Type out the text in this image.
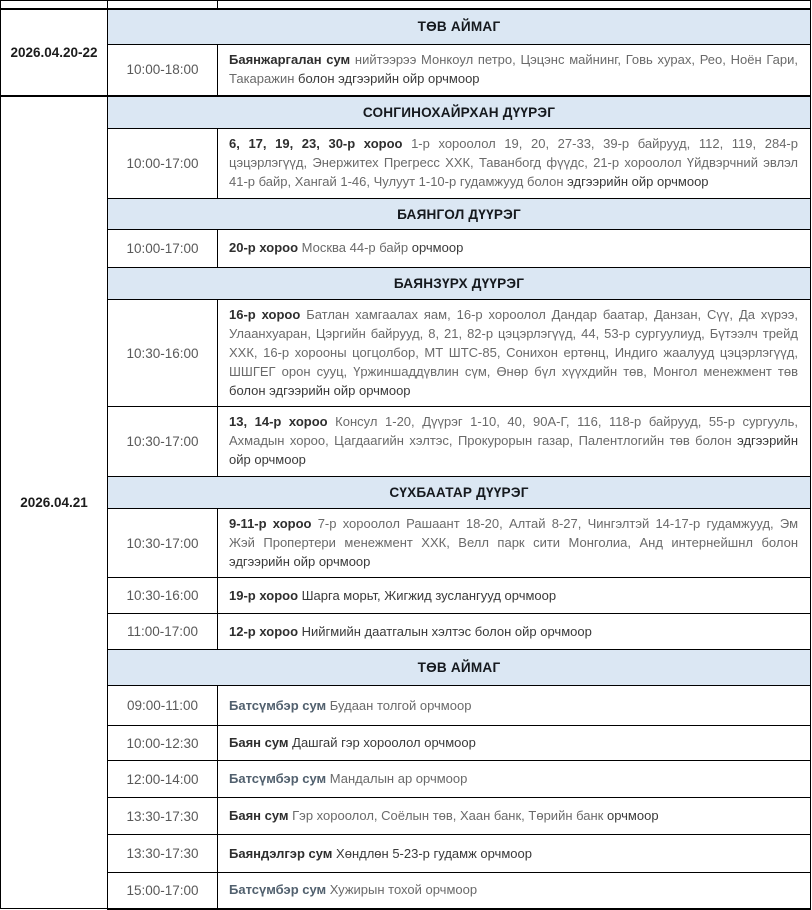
2026.04.20-22	ТӨВ АЙМАГ	
	10:00-18:00	Баянжаргалан сум нийтээрээ Монкоул петро, Цэцэнс майнинг, Говь хурах, Рео, Ноён Гари, Такаражин болон эдгээрийн ойр орчмоор
2026.04.21	СОНГИНОХАЙРХАН ДҮҮРЭГ	
	10:00-17:00	6, 17, 19, 23, 30-р хороо 1-р хороолол 19, 20, 27-33, 39-р байрууд, 112, 119, 284-р цэцэрлэгүүд, Энержитех Прегресс ХХК, Таванбогд фүүдс, 21-р хороолол Үйдвэрчний эвлэл 41-р байр, Хангай 1-46, Чулуут 1-10-р гудамжууд болон эдгээрийн ойр орчмоор
	БАЯНГОЛ ДҮҮРЭГ	
	10:00-17:00	20-р хороо Москва 44-р байр орчмоор
	БАЯНЗҮРХ ДҮҮРЭГ	
	10:30-16:00	16-р хороо Батлан хамгаалах яам, 16-р хороолол Дандар баатар, Данзан, Сүү, Да хүрээ, Улаанхуаран, Цэргийн байрууд, 8, 21, 82-р цэцэрлэгүүд, 44, 53-р сургуулиуд, Бүтээлч трейд ХХК, 16-р хорооны цогцолбор, МТ ШТС-85, Сонихон ертөнц, Индиго жаалууд цэцэрлэгүүд, ШШГЕГ орон сууц, Үржиншаддүвлин сүм, Өнөр бүл хүүхдийн төв, Монгол менежмент төв болон эдгээрийн ойр орчмоор
	10:30-17:00	13, 14-р хороо Консул 1-20, Дүүрэг 1-10, 40, 90А-Г, 116, 118-р байрууд, 55-р сургууль, Ахмадын хороо, Цагдаагийн хэлтэс, Прокурорын газар, Палентлогийн төв болон эдгээрийн ойр орчмоор
	СҮХБААТАР ДҮҮРЭГ	
	10:30-17:00	9-11-р хороо 7-р хороолол Рашаант 18-20, Алтай 8-27, Чингэлтэй 14-17-р гудамжууд, Эм Жэй Пропертери менежмент ХХК, Велл парк сити Монголиа, Анд интернейшнл болон эдгээрийн ойр орчмоор
	10:30-16:00	19-р хороо Шарга морьт, Жигжид зуслангууд орчмоор
	11:00-17:00	12-р хороо Нийгмийн даатгалын хэлтэс болон ойр орчмоор
	ТӨВ АЙМАГ	
	09:00-11:00	Батсүмбэр сум Будаан толгой орчмоор
	10:00-12:30	Баян сум Дашгай гэр хороолол орчмоор
	12:00-14:00	Батсүмбэр сум Мандалын ар орчмоор
	13:30-17:30	Баян сум Гэр хороолол, Соёлын төв, Хаан банк, Төрийн банк орчмоор
	13:30-17:30	Баяндэлгэр сум Хөндлөн 5-23-р гудамж орчмоор
	15:00-17:00	Батсүмбэр сум Хужирын тохой орчмоор
